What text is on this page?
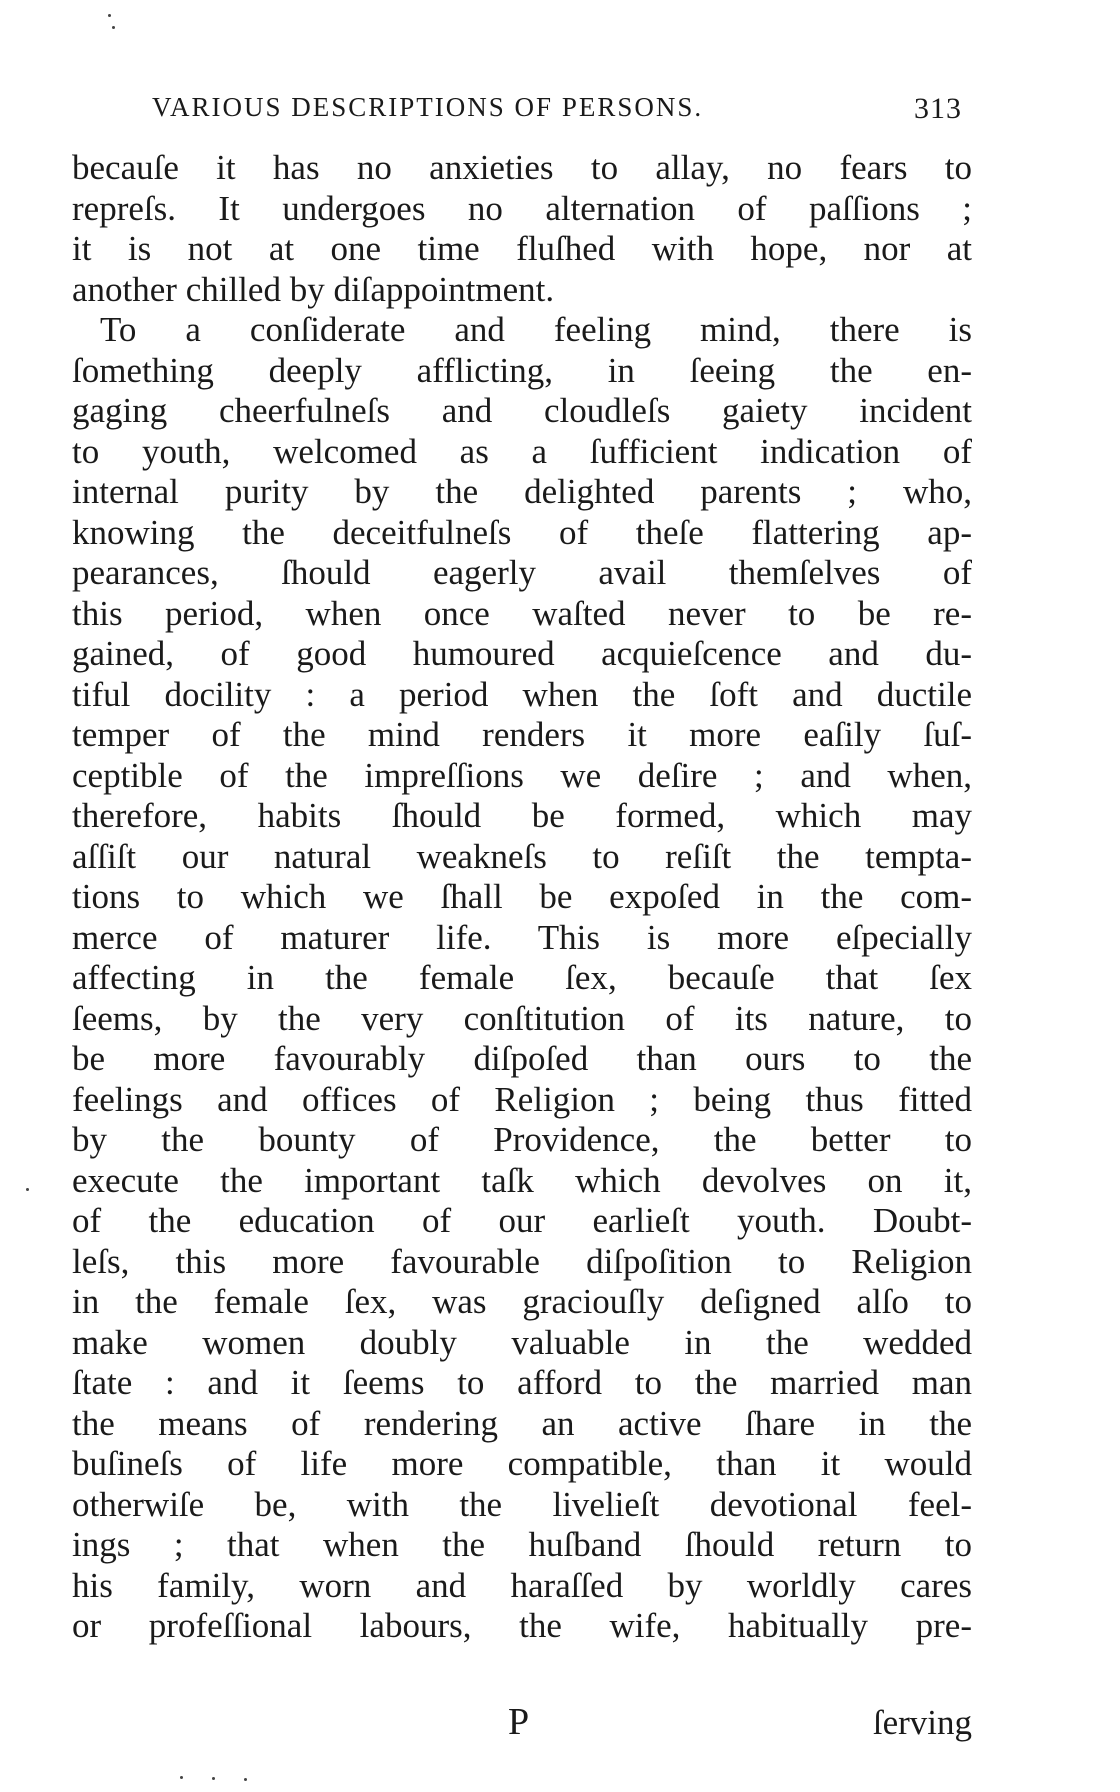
VARIOUS DESCRIPTIONS OF PERSONS.	313
becauſe it has no anxieties to allay, no fears to
repreſs. It undergoes no alternation of paſſions ;
it is not at one time fluſhed with hope, nor at
another chilled by diſappointment.
To a conſiderate and feeling mind, there is
ſomething deeply afflicting, in ſeeing the en-
gaging cheerfulneſs and cloudleſs gaiety incident
to youth, welcomed as a ſufficient indication of
internal purity by the delighted parents ; who,
knowing the deceitfulneſs of theſe flattering ap-
pearances, ſhould eagerly avail themſelves of
this period, when once waſted never to be re-
gained, of good humoured acquieſcence and du-
tiful docility : a period when the ſoft and ductile
temper of the mind renders it more eaſily ſuſ-
ceptible of the impreſſions we deſire ; and when,
therefore, habits ſhould be formed, which may
aſſiſt our natural weakneſs to reſiſt the tempta-
tions to which we ſhall be expoſed in the com-
merce of maturer life. This is more eſpecially
affecting in the female ſex, becauſe that ſex
ſeems, by the very conſtitution of its nature, to
be more favourably diſpoſed than ours to the
feelings and offices of Religion ; being thus fitted
by the bounty of Providence, the better to
execute the important taſk which devolves on it,
of the education of our earlieſt youth. Doubt-
leſs, this more favourable diſpoſition to Religion
in the female ſex, was graciouſly deſigned alſo to
make women doubly valuable in the wedded
ſtate : and it ſeems to afford to the married man
the means of rendering an active ſhare in the
buſineſs of life more compatible, than it would
otherwiſe be, with the livelieſt devotional feel-
ings ; that when the huſband ſhould return to
his family, worn and haraſſed by worldly cares
or profeſſional labours, the wife, habitually pre-
P	ſerving
